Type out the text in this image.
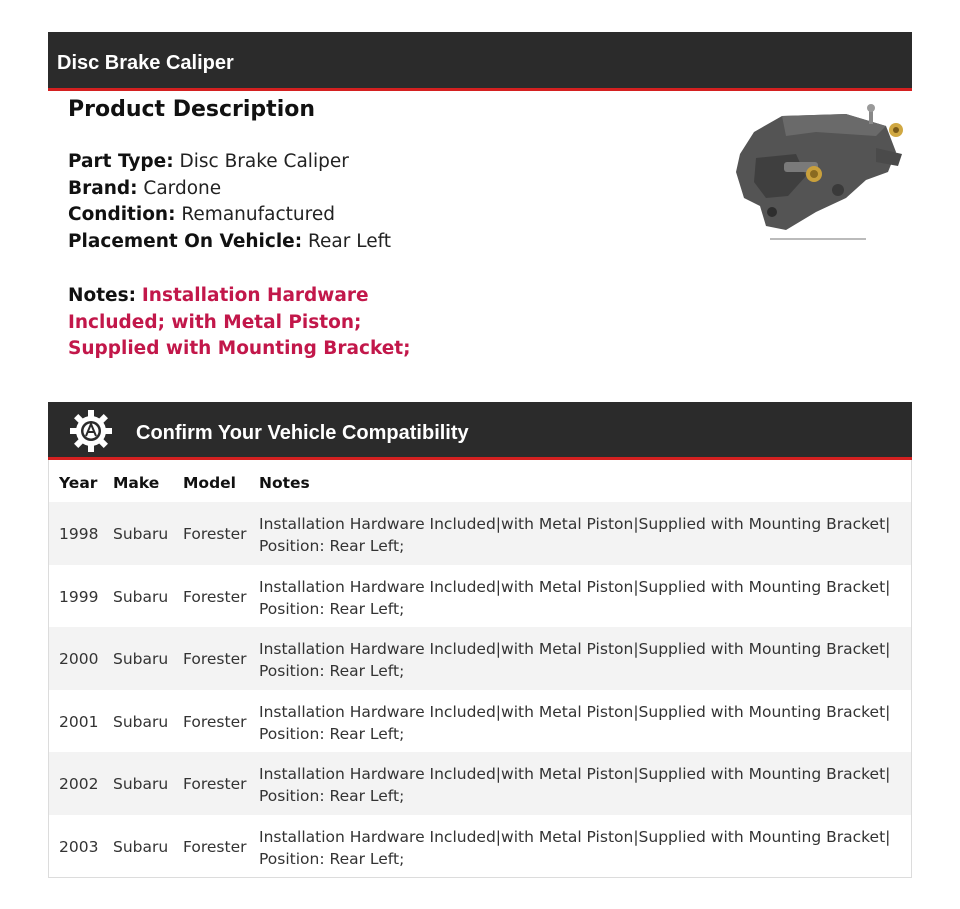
Disc Brake Caliper
Product Description
Part Type: Disc Brake Caliper
Brand: Cardone
Condition: Remanufactured
Placement On Vehicle: Rear Left
Notes: Installation Hardware Included; with Metal Piston; Supplied with Mounting Bracket;
Confirm Your Vehicle Compatibility
Year Make Model Notes
1998 Subaru Forester
Installation Hardware Included|with Metal Piston|Supplied with Mounting Bracket| Position: Rear Left;
1999 Subaru Forester
Installation Hardware Included|with Metal Piston|Supplied with Mounting Bracket| Position: Rear Left;
2000 Subaru Forester
Installation Hardware Included|with Metal Piston|Supplied with Mounting Bracket| Position: Rear Left;
2001 Subaru Forester
Installation Hardware Included|with Metal Piston|Supplied with Mounting Bracket| Position: Rear Left;
2002 Subaru Forester
Installation Hardware Included|with Metal Piston|Supplied with Mounting Bracket| Position: Rear Left;
2003 Subaru Forester
Installation Hardware Included|with Metal Piston|Supplied with Mounting Bracket| Position: Rear Left;
